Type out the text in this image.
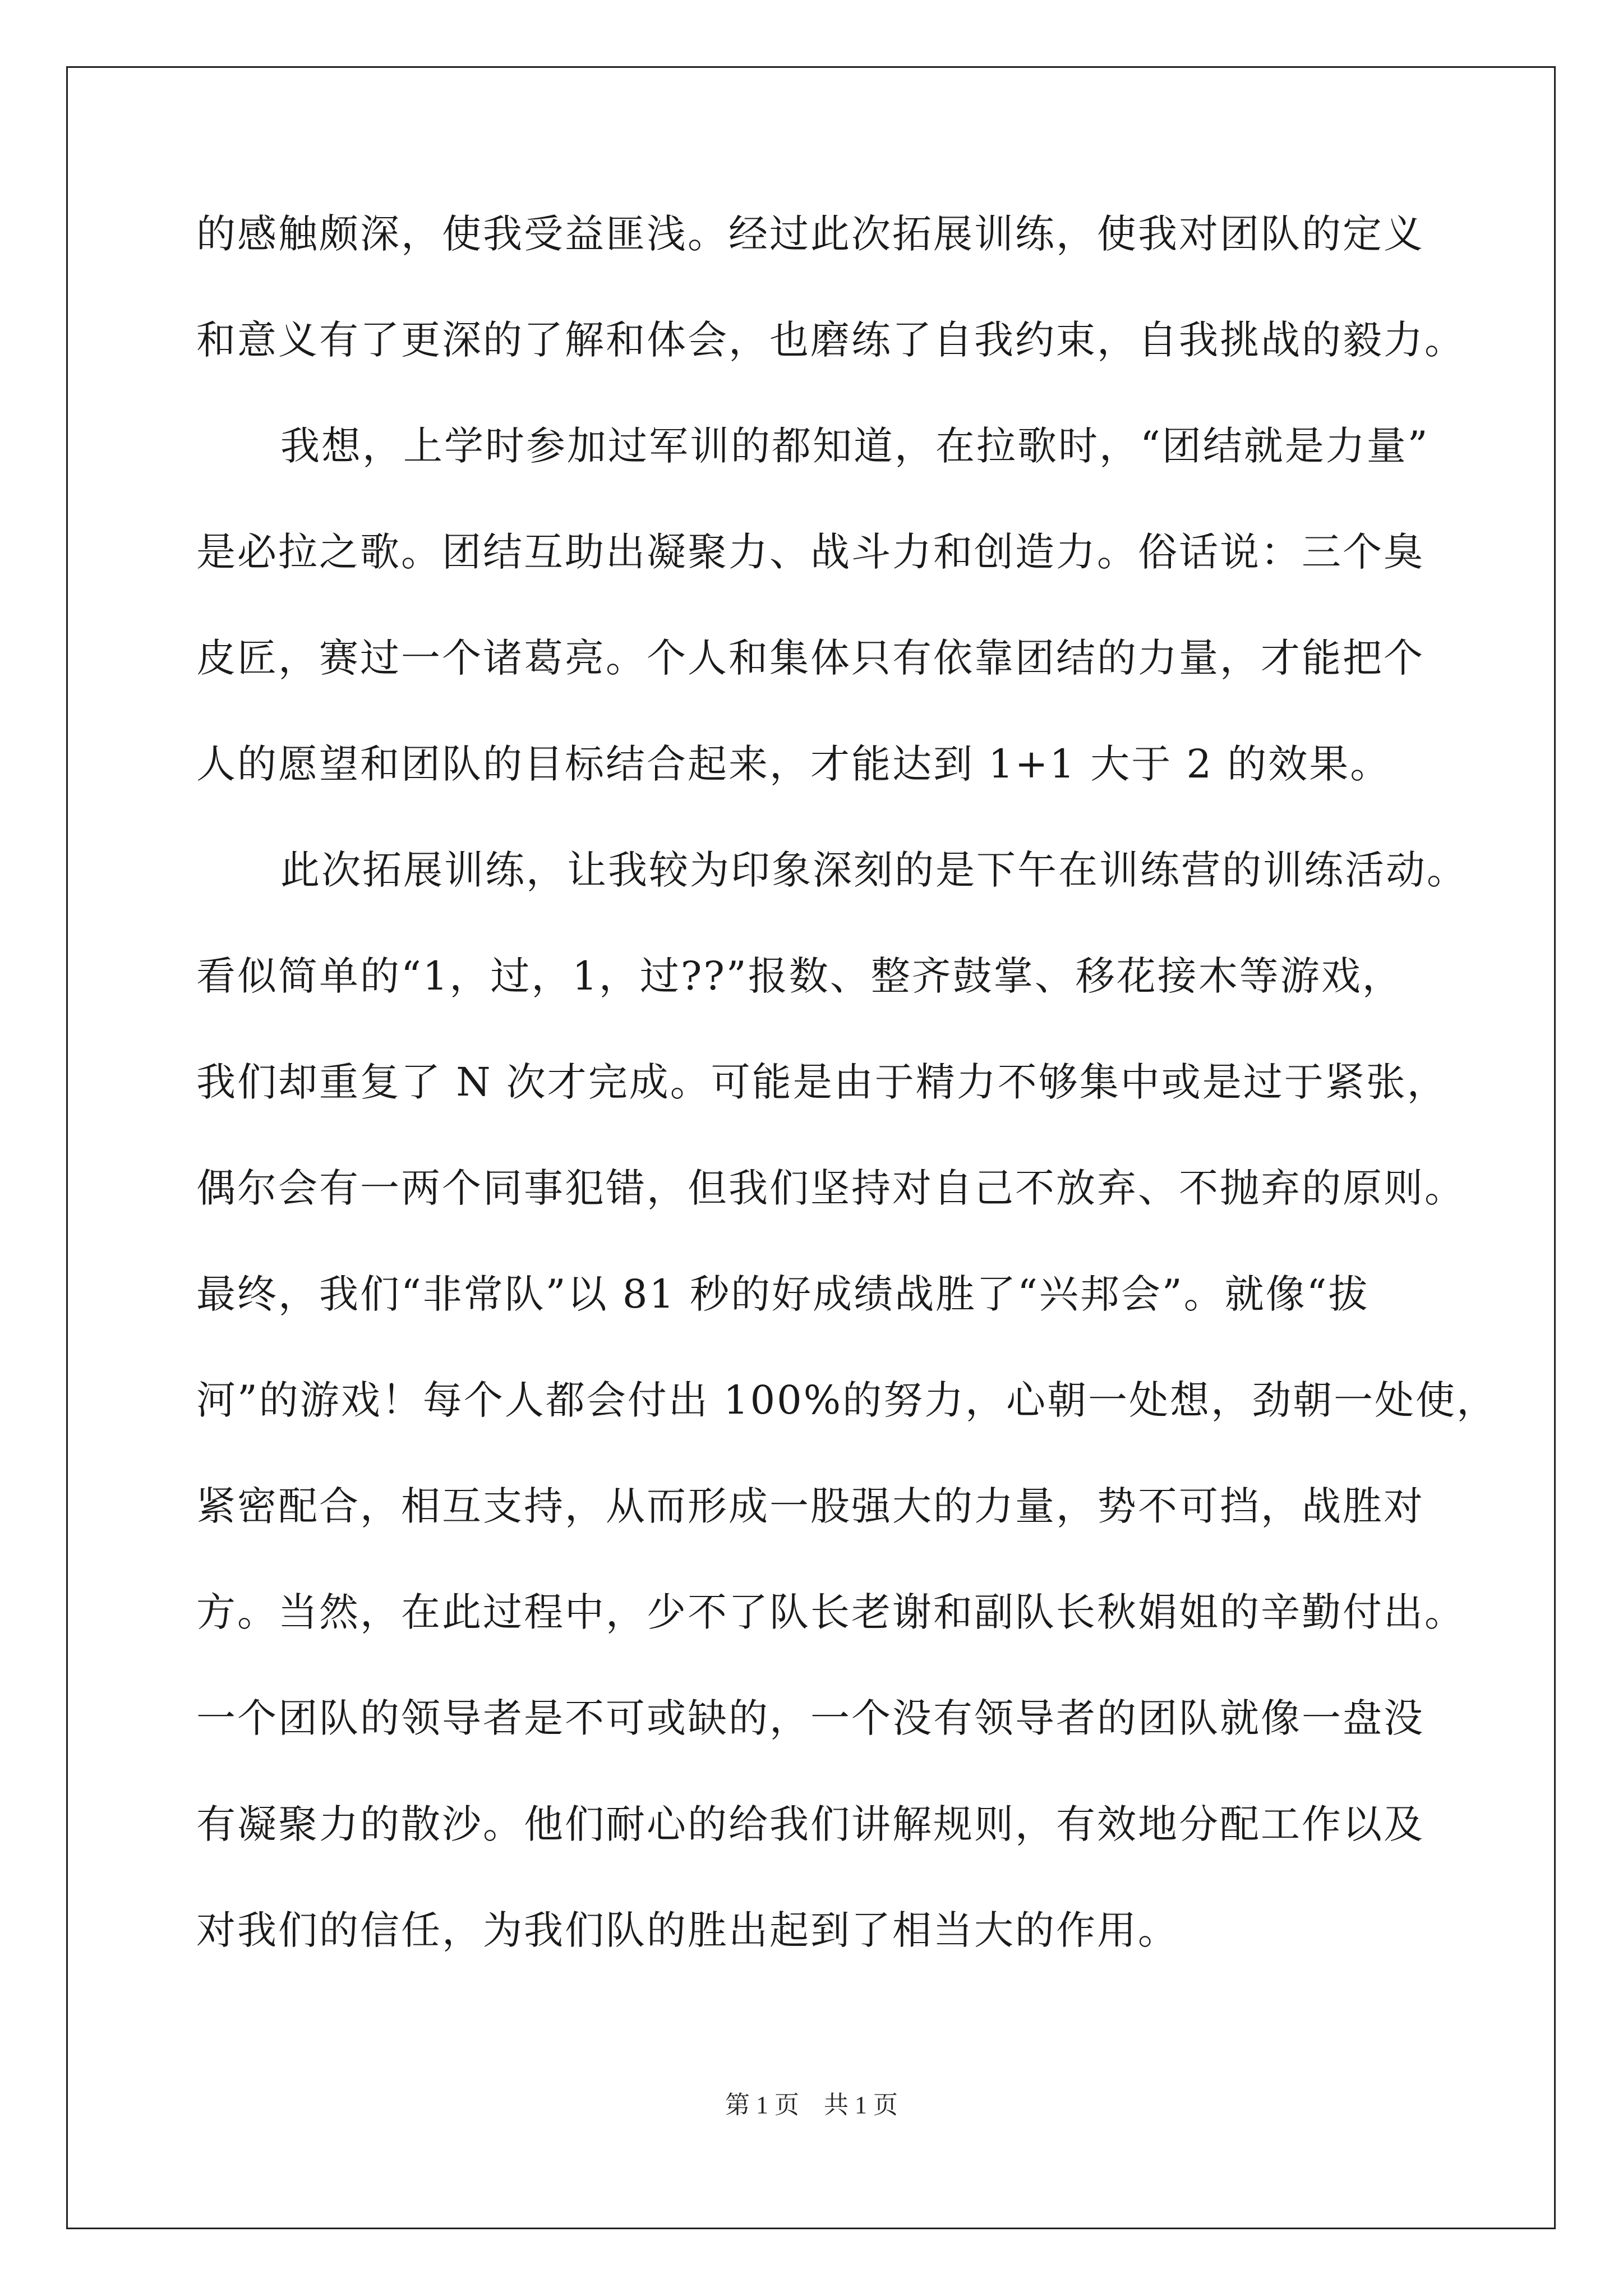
的感触颇深，使我受益匪浅。经过此次拓展训练，使我对团队的定义
和意义有了更深的了解和体会，也磨练了自我约束，自我挑战的毅力。
我想，上学时参加过军训的都知道，在拉歌时，“团结就是力量”
是必拉之歌。团结互助出凝聚力、战斗力和创造力。俗话说：三个臭
皮匠，赛过一个诸葛亮。个人和集体只有依靠团结的力量，才能把个
人的愿望和团队的目标结合起来，才能达到 1+1 大于 2 的效果。
此次拓展训练，让我较为印象深刻的是下午在训练营的训练活动。
看似简单的“1，过，1，过??”报数、整齐鼓掌、移花接木等游戏，
我们却重复了 N 次才完成。可能是由于精力不够集中或是过于紧张，
偶尔会有一两个同事犯错，但我们坚持对自己不放弃、不抛弃的原则。
最终，我们“非常队”以 81 秒的好成绩战胜了“兴邦会”。就像“拔
河”的游戏！每个人都会付出 100%的努力，心朝一处想，劲朝一处使，
紧密配合，相互支持，从而形成一股强大的力量，势不可挡，战胜对
方。当然，在此过程中，少不了队长老谢和副队长秋娟姐的辛勤付出。
一个团队的领导者是不可或缺的，一个没有领导者的团队就像一盘没
有凝聚力的散沙。他们耐心的给我们讲解规则，有效地分配工作以及
对我们的信任，为我们队的胜出起到了相当大的作用。
第 1 页　共 1 页
